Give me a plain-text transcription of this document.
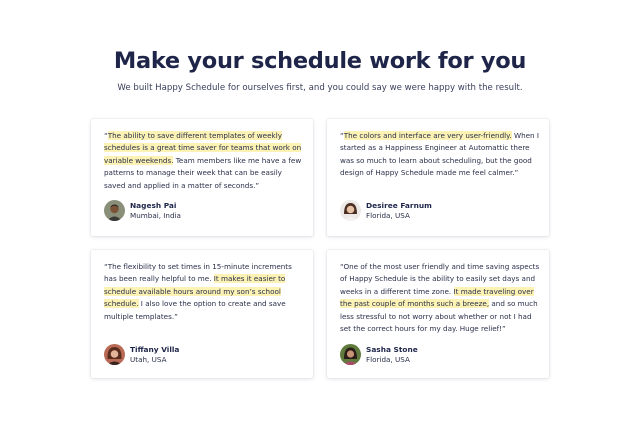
Make your schedule work for you

We built Happy Schedule for ourselves first, and you could say we were happy with the result.

“The ability to save different templates of weekly schedules is a great time saver for teams that work on variable weekends. Team members like me have a few patterns to manage their week that can be easily saved and applied in a matter of seconds.”

Nagesh Pai
Mumbai, India

“The colors and interface are very user-friendly. When I started as a Happiness Engineer at Automattic there was so much to learn about scheduling, but the good design of Happy Schedule made me feel calmer.”

Desiree Farnum
Florida, USA

“The flexibility to set times in 15-minute increments has been really helpful to me. It makes it easier to schedule available hours around my son’s school schedule. I also love the option to create and save multiple templates.”

Tiffany Villa
Utah, USA

“One of the most user friendly and time saving aspects of Happy Schedule is the ability to easily set days and weeks in a different time zone. It made traveling over the past couple of months such a breeze, and so much less stressful to not worry about whether or not I had set the correct hours for my day. Huge relief!”

Sasha Stone
Florida, USA
